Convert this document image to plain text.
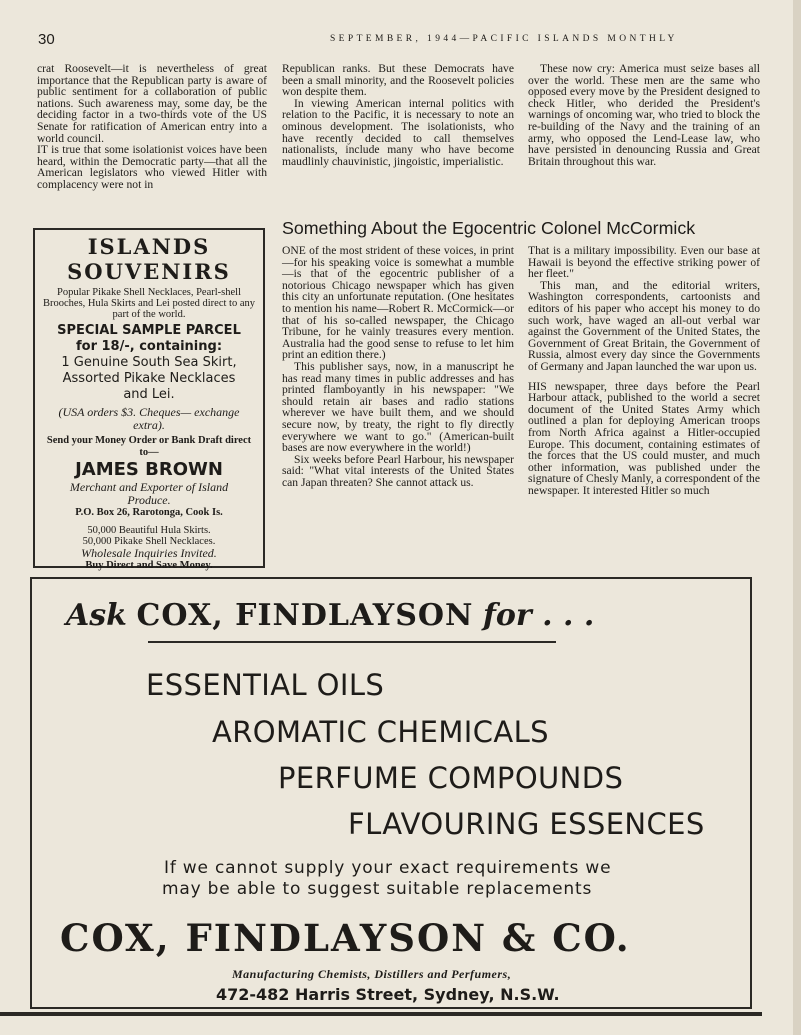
30	SEPTEMBER, 1944—PACIFIC ISLANDS MONTHLY

crat Roosevelt—it is nevertheless of great importance that the Republican party is aware of public sentiment for a collaboration of public nations. Such awareness may, some day, be the deciding factor in a two-thirds vote of the US Senate for ratification of American entry into a world council.

IT is true that some isolationist voices have been heard, within the Democratic party—that all the American legislators who viewed Hitler with complacency were not in

Republican ranks. But these Democrats have been a small minority, and the Roosevelt policies won despite them.

In viewing American internal politics with relation to the Pacific, it is necessary to note an ominous development. The isolationists, who have recently decided to call themselves nationalists, include many who have become maudlinly chauvinistic, jingoistic, imperialistic.

These now cry: America must seize bases all over the world. These men are the same who opposed every move by the President designed to check Hitler, who derided the President's warnings of oncoming war, who tried to block the re-building of the Navy and the training of an army, who opposed the Lend-Lease law, who have persisted in denouncing Russia and Great Britain throughout this war.

Something About the Egocentric Colonel McCormick

ONE of the most strident of these voices, in print—for his speaking voice is somewhat a mumble—is that of the egocentric publisher of a notorious Chicago newspaper which has given this city an unfortunate reputation. (One hesitates to mention his name—Robert R. McCormick—or that of his so-called newspaper, the Chicago Tribune, for he vainly treasures every mention. Australia had the good sense to refuse to let him print an edition there.)

This publisher says, now, in a manuscript he has read many times in public addresses and has printed flamboyantly in his newspaper: "We should retain air bases and radio stations wherever we have built them, and we should secure now, by treaty, the right to fly directly everywhere we want to go." (American-built bases are now everywhere in the world!)

Six weeks before Pearl Harbour, his newspaper said: "What vital interests of the United States can Japan threaten? She cannot attack us.

That is a military impossibility. Even our base at Hawaii is beyond the effective striking power of her fleet."

This man, and the editorial writers, Washington correspondents, cartoonists and editors of his paper who accept his money to do such work, have waged an all-out verbal war against the Government of the United States, the Government of Great Britain, the Government of Russia, almost every day since the Governments of Germany and Japan launched the war upon us.

HIS newspaper, three days before the Pearl Harbour attack, published to the world a secret document of the United States Army which outlined a plan for deploying American troops from North Africa against a Hitler-occupied Europe. This document, containing estimates of the forces that the US could muster, and much other information, was published under the signature of Chesly Manly, a correspondent of the newspaper. It interested Hitler so much

ISLANDS
SOUVENIRS
Popular Pikake Shell Necklaces, Pearl-shell Brooches, Hula Skirts and Lei posted direct to any part of the world.
SPECIAL SAMPLE PARCEL
for 18/-, containing:
1 Genuine South Sea Skirt,
Assorted Pikake Necklaces
and Lei.
(USA orders $3. Cheques— exchange extra).
Send your Money Order or Bank Draft direct to—
JAMES BROWN
Merchant and Exporter of Island Produce.
P.O. Box 26, Rarotonga, Cook Is.
50,000 Beautiful Hula Skirts.
50,000 Pikake Shell Necklaces.
Wholesale Inquiries Invited.
Buy Direct and Save Money.
Ask COX, FINDLAYSON for . . .
ESSENTIAL OILS
AROMATIC CHEMICALS
PERFUME COMPOUNDS
FLAVOURING ESSENCES
If we cannot supply your exact requirements we
may be able to suggest suitable replacements
COX, FINDLAYSON & CO.
Manufacturing Chemists, Distillers and Perfumers,
472-482 Harris Street, Sydney, N.S.W.
